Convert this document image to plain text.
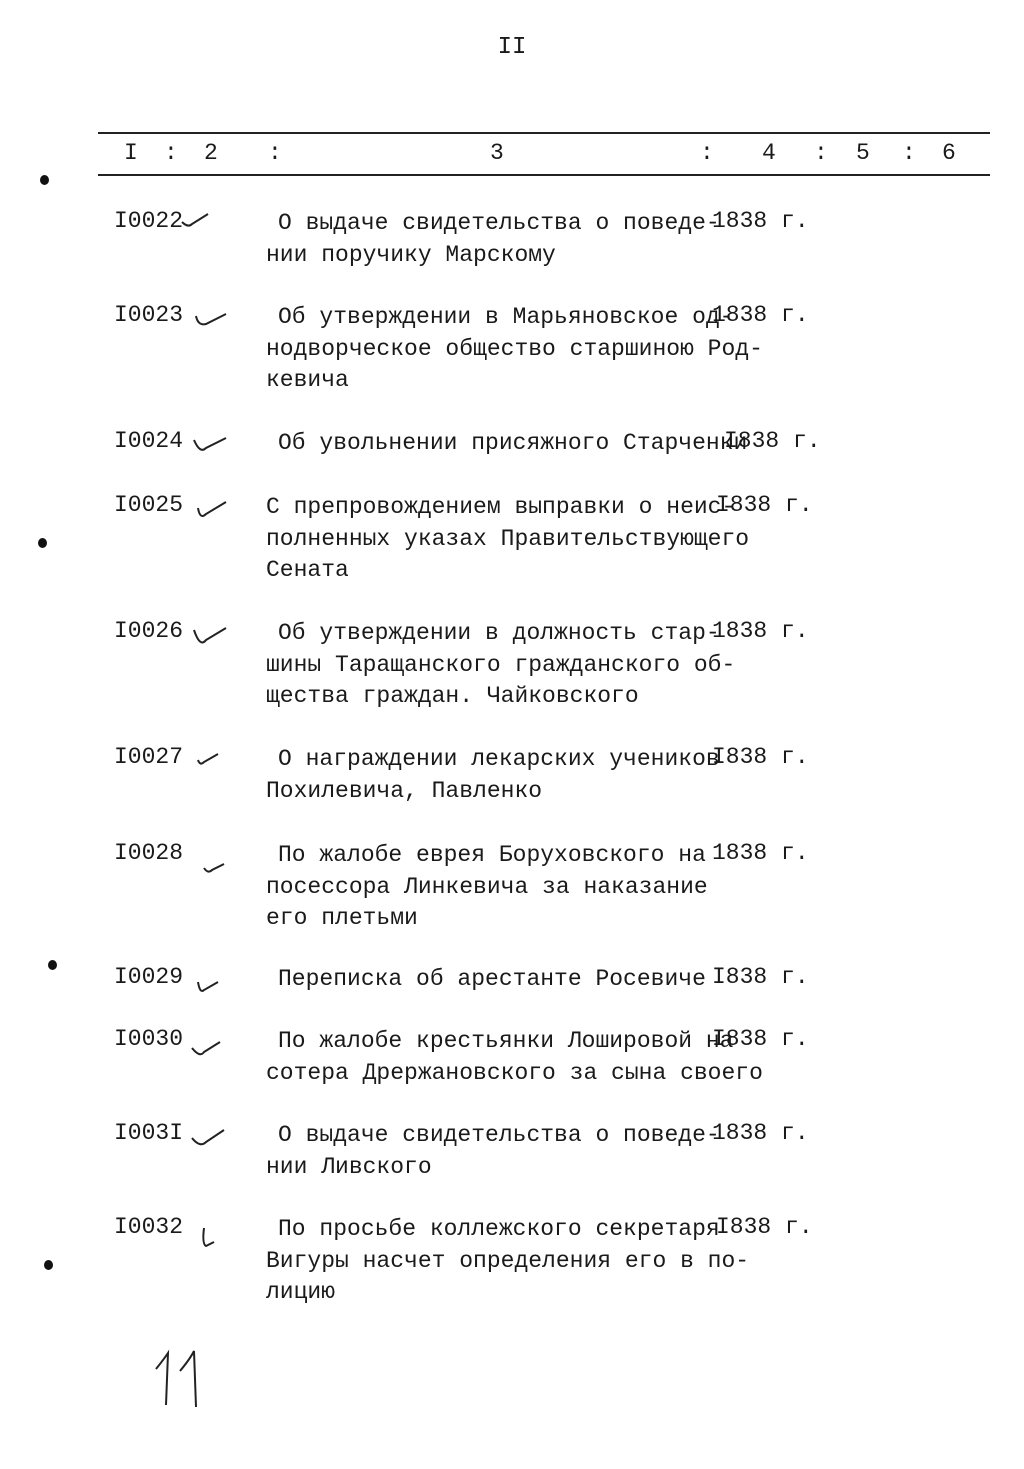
II
I : 2 :	3	: 4 : 5 : 6
I0022	О выдаче свидетельства о поведе-
нии поручику Марскому
1838 г.
I0023	Об утверждении в Марьяновское од-
нодворческое общество старшиною Род-
кевича
1838 г.
I0024	Об увольнении присяжного Старченки
I838 г.
I0025	С препровождением выправки о неис-
полненных указах Правительствующего
Сената
I838 г.
I0026	Об утверждении в должность стар-
шины Таращанского гражданского об-
щества граждан. Чайковского
1838 г.
I0027	О награждении лекарских учеников
Похилевича, Павленко
I838 г.
I0028	По жалобе еврея Боруховского на
посессора Линкевича за наказание
его плетьми
1838 г.
I0029	Переписка об арестанте Росевиче I838 г.
I0030	По жалобе крестьянки Лошировой на
сотера Дрержановского за сына своего
I838 г.
I003I	О выдаче свидетельства о поведе-
нии Ливского
1838 г.
I0032	По просьбе коллежского секретаря
Вигуры насчет определения его в по-
лицию
I838 г.
